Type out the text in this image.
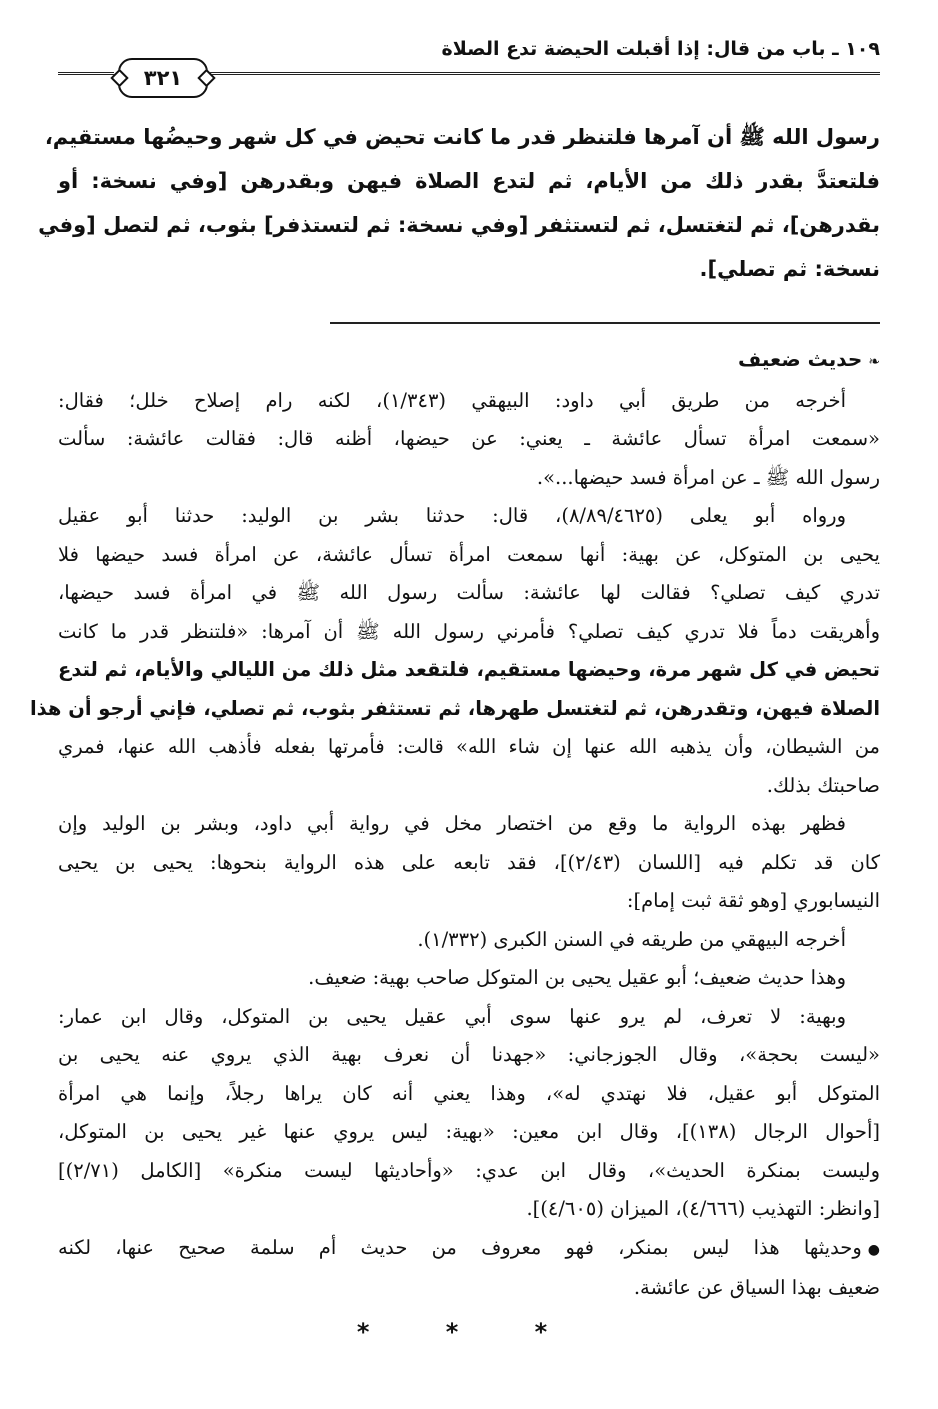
١٠٩ ـ باب من قال: إذا أقبلت الحيضة تدع الصلاة
٣٢١
رسول الله ﷺ أن آمرها فلتنظر قدر ما كانت تحيض في كل شهر وحيضُها مستقيم،
فلتعتدَّ بقدر ذلك من الأيام، ثم لتدع الصلاة فيهن وبقدرهن [وفي نسخة: أو
بقدرهن]، ثم لتغتسل، ثم لتستثفر [وفي نسخة: ثم لتستذفر] بثوب، ثم لتصل [وفي
نسخة: ثم تصلي].
❧حديث ضعيف
أخرجه من طريق أبي داود: البيهقي (١/٣٤٣)، لكنه رام إصلاح خلل؛ فقال:
«سمعت امرأة تسأل عائشة ـ يعني: عن حيضها، أظنه قال: فقالت عائشة: سألت
رسول الله ﷺ ـ عن امرأة فسد حيضها...».
ورواه أبو يعلى (٨/٨٩/٤٦٢٥)، قال: حدثنا بشر بن الوليد: حدثنا أبو عقيل
يحيى بن المتوكل، عن بهية: أنها سمعت امرأة تسأل عائشة، عن امرأة فسد حيضها فلا
تدري كيف تصلي؟ فقالت لها عائشة: سألت رسول الله ﷺ في امرأة فسد حيضها،
وأهريقت دماً فلا تدري كيف تصلي؟ فأمرني رسول الله ﷺ أن آمرها: «فلتنظر قدر ما كانت
تحيض في كل شهر مرة، وحيضها مستقيم، فلتقعد مثل ذلك من الليالي والأيام، ثم لتدع
الصلاة فيهن، وتقدرهن، ثم لتغتسل طهرها، ثم تستثفر بثوب، ثم تصلي، فإني أرجو أن هذا
من الشيطان، وأن يذهبه الله عنها إن شاء الله» قالت: فأمرتها بفعله فأذهب الله عنها، فمري
صاحبتك بذلك.
فظهر بهذه الرواية ما وقع من اختصار مخل في رواية أبي داود، وبشر بن الوليد وإن
كان قد تكلم فيه [اللسان (٢/٤٣)]، فقد تابعه على هذه الرواية بنحوها: يحيى بن يحيى
النيسابوري [وهو ثقة ثبت إمام]:
أخرجه البيهقي من طريقه في السنن الكبرى (١/٣٣٢).
وهذا حديث ضعيف؛ أبو عقيل يحيى بن المتوكل صاحب بهية: ضعيف.
وبهية: لا تعرف، لم يرو عنها سوى أبي عقيل يحيى بن المتوكل، وقال ابن عمار:
«ليست بحجة»، وقال الجوزجاني: «جهدنا أن نعرف بهية الذي يروي عنه يحيى بن
المتوكل أبو عقيل، فلا نهتدي له»، وهذا يعني أنه كان يراها رجلاً، وإنما هي امرأة
[أحوال الرجال (١٣٨)]، وقال ابن معين: «بهية: ليس يروي عنها غير يحيى بن المتوكل،
وليست بمنكرة الحديث»، وقال ابن عدي: «وأحاديثها ليست منكرة» [الكامل (٢/٧١)]
[وانظر: التهذيب (٤/٦٦٦)، الميزان (٤/٦٠٥)].
●وحديثها هذا ليس بمنكر، فهو معروف من حديث أم سلمة صحيح عنها، لكنه
ضعيف بهذا السياق عن عائشة.
* * *
